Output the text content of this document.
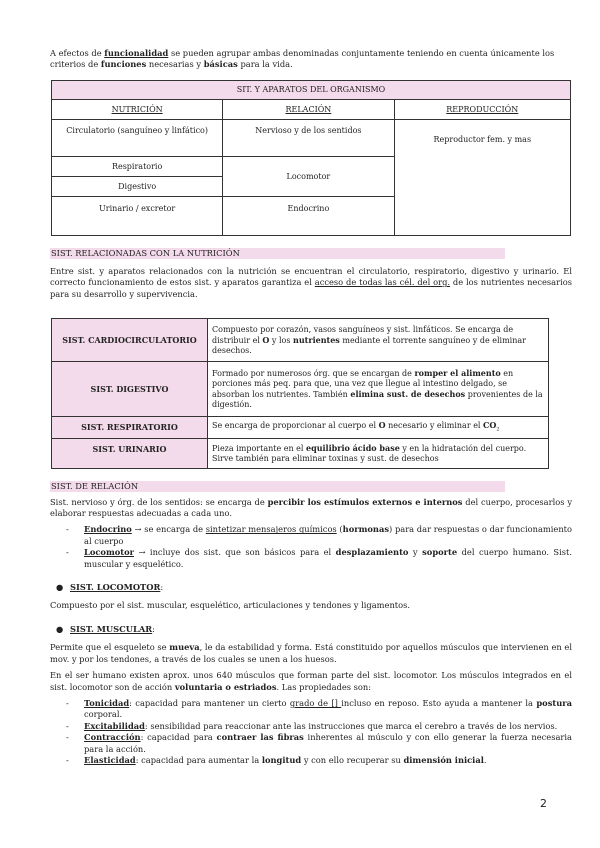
A efectos de funcionalidad se pueden agrupar ambas denominadas conjuntamente teniendo en cuenta únicamente los criterios de funciones necesarias y básicas para la vida.

SIT. Y APARATOS DEL ORGANISMO		
NUTRICIÓN	RELACIÓN	REPRODUCCIÓN
Circulatorio (sanguíneo y linfático)	Nervioso y de los sentidos	Reproductor fem. y mas
Respiratorio	Locomotor	
Digestivo		
Urinario / excretor	Endocrino	
SIST. RELACIONADAS CON LA NUTRICIÓN

Entre sist. y aparatos relacionados con la nutrición se encuentran el circulatorio, respiratorio, digestivo y urinario. El correcto funcionamiento de estos sist. y aparatos garantiza el acceso de todas las cél. del org. de los nutrientes necesarios para su desarrollo y supervivencia.

SIST. CARDIOCIRCULATORIO	Compuesto por corazón, vasos sanguíneos y sist. linfáticos. Se encarga de distribuir el O y los nutrientes mediante el torrente sanguíneo y de eliminar desechos.
SIST. DIGESTIVO	Formado por numerosos órg. que se encargan de romper el alimento en porciones más peq. para que, una vez que llegue al intestino delgado, se absorban los nutrientes. También elimina sust. de desechos provenientes de la digestión.
SIST. RESPIRATORIO	Se encarga de proporcionar al cuerpo el O necesario y eliminar el $CO_2$
SIST. URINARIO	Pieza importante en el equilibrio ácido base y en la hidratación del cuerpo. Sirve también para eliminar toxinas y sust. de desechos
SIST. DE RELACIÓN

Sist. nervioso y órg. de los sentidos: se encarga de percibir los estímulos externos e internos del cuerpo, procesarlos y elaborar respuestas adecuadas a cada uno.

- Endocrino → se encarga de sintetizar mensajeros químicos (hormonas) para dar respuestas o dar funcionamiento al cuerpo
- Locomotor → incluye dos sist. que son básicos para el desplazamiento y soporte del cuerpo humano. Sist. muscular y esquelético.

● SIST. LOCOMOTOR:

Compuesto por el sist. muscular, esquelético, articulaciones y tendones y ligamentos.

● SIST. MUSCULAR:

Permite que el esqueleto se mueva, le da estabilidad y forma. Está constituido por aquellos músculos que intervienen en el mov. y por los tendones, a través de los cuales se unen a los huesos.

En el ser humano existen aprox. unos 640 músculos que forman parte del sist. locomotor. Los músculos integrados en el sist. locomotor son de acción voluntaria o estriados. Las propiedades son:

- Tonicidad: capacidad para mantener un cierto grado de [] incluso en reposo. Esto ayuda a mantener la postura corporal.
- Excitabilidad: sensibilidad para reaccionar ante las instrucciones que marca el cerebro a través de los nervios.
- Contracción: capacidad para contraer las fibras inherentes al músculo y con ello generar la fuerza necesaria para la acción.
- Elasticidad: capacidad para aumentar la longitud y con ello recuperar su dimensión inicial.
2
